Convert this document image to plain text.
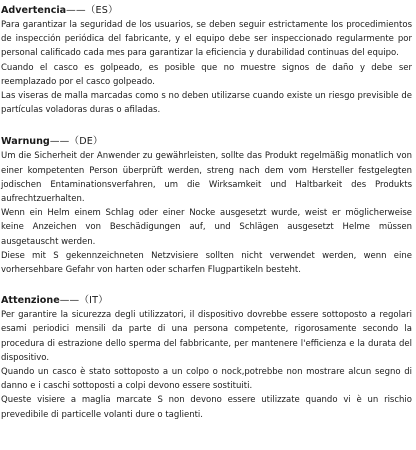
Advertencia——（ES）

Para garantizar la seguridad de los usuarios, se deben seguir estrictamente los procedimientos de inspección periódica del fabricante, y el equipo debe ser inspeccionado regularmente por personal calificado cada mes para garantizar la eficiencia y durabilidad continuas del equipo.

Cuando el casco es golpeado, es posible que no muestre signos de daño y debe ser reemplazado por el casco golpeado.

Las viseras de malla marcadas como s no deben utilizarse cuando existe un riesgo previsible de partículas voladoras duras o afiladas.

Warnung——（DE）

Um die Sicherheit der Anwender zu gewährleisten, sollte das Produkt regelmäßig monatlich von einer kompetenten Person überprüft werden, streng nach dem vom Hersteller festgelegten jodischen Entaminationsverfahren, um die Wirksamkeit und Haltbarkeit des Produkts aufrechtzuerhalten.

Wenn ein Helm einem Schlag oder einer Nocke ausgesetzt wurde, weist er möglicherweise keine Anzeichen von Beschädigungen auf, und Schlägen ausgesetzt Helme müssen ausgetauscht werden.

Diese mit S gekennzeichneten Netzvisiere sollten nicht verwendet werden, wenn eine vorhersehbare Gefahr von harten oder scharfen Flugpartikeln besteht.

Attenzione——（IT）

Per garantire la sicurezza degli utilizzatori, il dispositivo dovrebbe essere sottoposto a regolari esami periodici mensili da parte di una persona competente, rigorosamente secondo la procedura di estrazione dello sperma del fabbricante, per mantenere l'efficienza e la durata del dispositivo.

Quando un casco è stato sottoposto a un colpo o nock,potrebbe non mostrare alcun segno di danno e i caschi sottoposti a colpi devono essere sostituiti.

Queste visiere a maglia marcate S non devono essere utilizzate quando vi è un rischio prevedibile di particelle volanti dure o taglienti.
